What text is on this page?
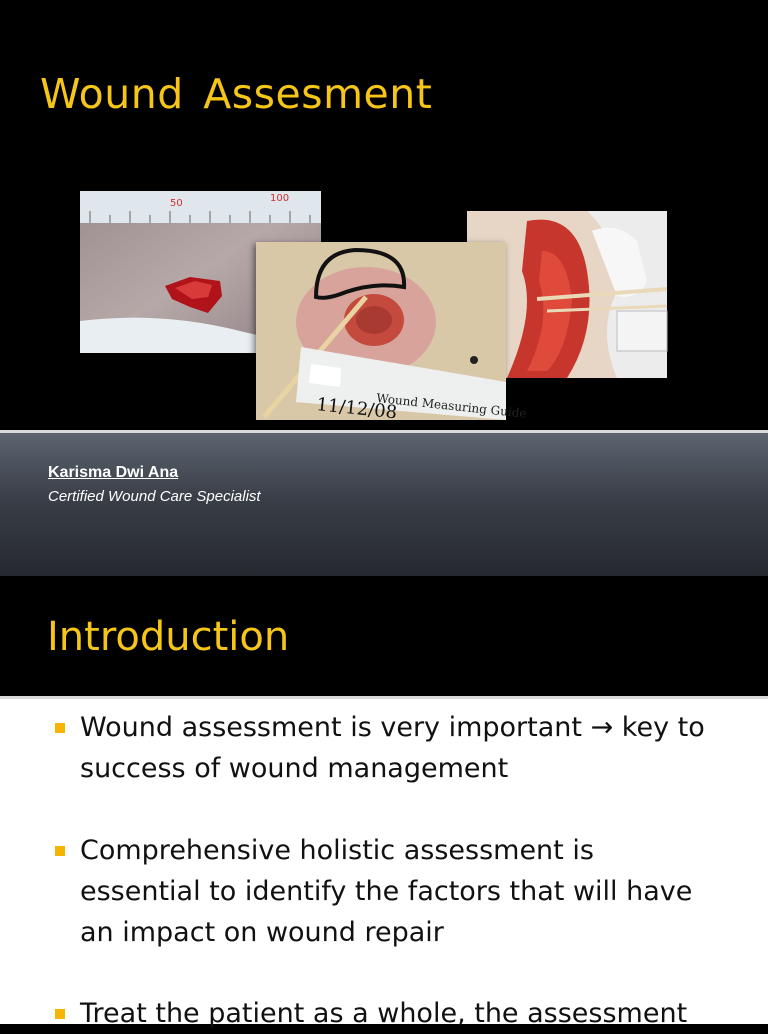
Wound Assesment
50	100
Wound Measuring Guide
11/12/08
Karisma Dwi Ana
Certified Wound Care Specialist
Introduction
Wound assessment is very important → key to success of wound management
Comprehensive holistic assessment is essential to identify the factors that will have an impact on wound repair
Treat the patient as a whole, the assessment
